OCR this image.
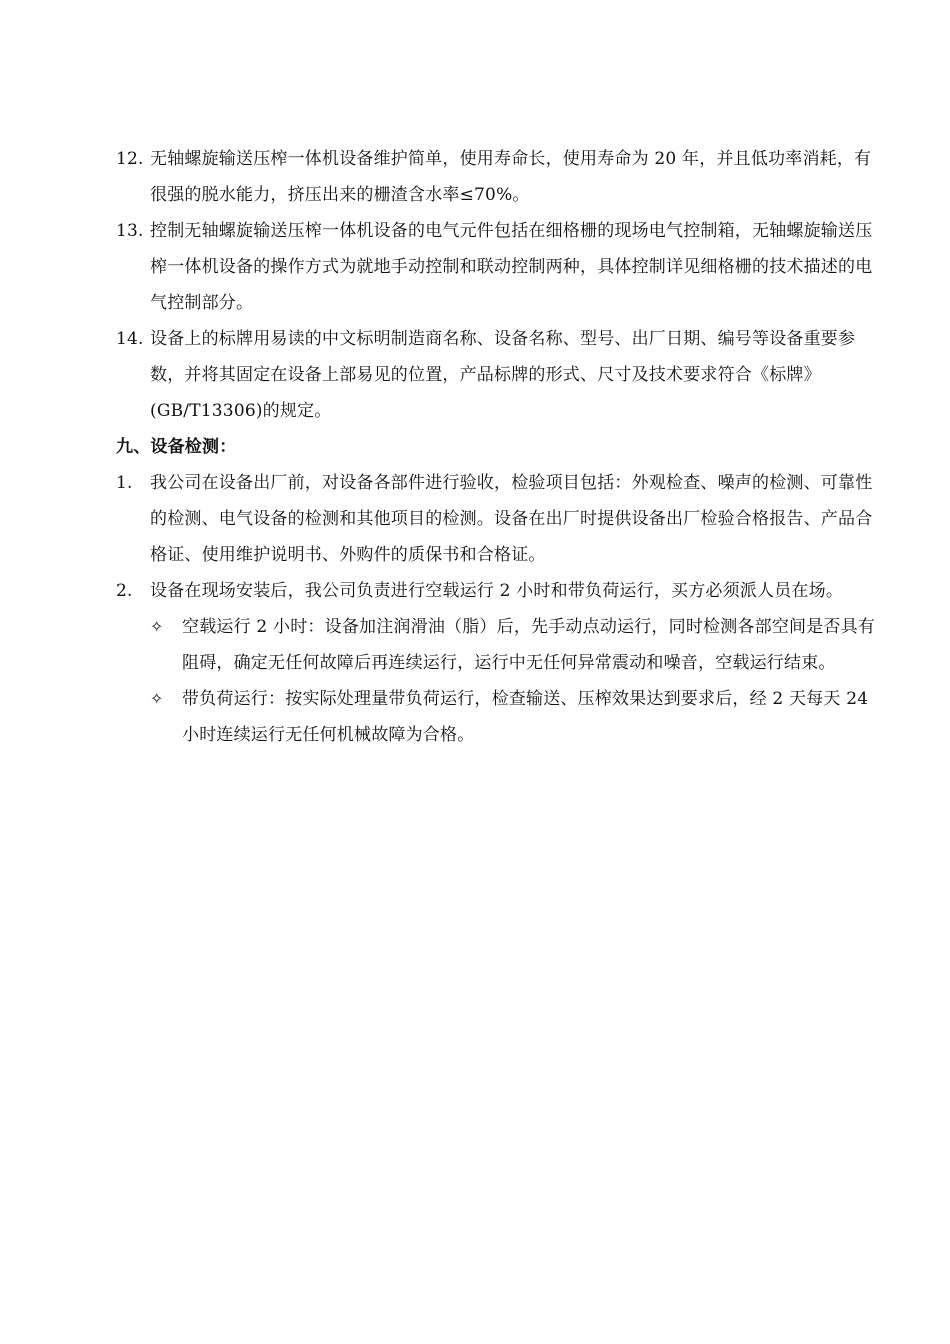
12. 无轴螺旋输送压榨一体机设备维护简单，使用寿命长，使用寿命为 20 年，并且低功率消耗，有很强的脱水能力，挤压出来的栅渣含水率≤70%。

13. 控制无轴螺旋输送压榨一体机设备的电气元件包括在细格栅的现场电气控制箱，无轴螺旋输送压榨一体机设备的操作方式为就地手动控制和联动控制两种，具体控制详见细格栅的技术描述的电气控制部分。

14. 设备上的标牌用易读的中文标明制造商名称、设备名称、型号、出厂日期、编号等设备重要参数，并将其固定在设备上部易见的位置，产品标牌的形式、尺寸及技术要求符合《标牌》(GB/T13306)的规定。

九、设备检测：

1.	我公司在设备出厂前，对设备各部件进行验收，检验项目包括：外观检查、噪声的检测、可靠性的检测、电气设备的检测和其他项目的检测。设备在出厂时提供设备出厂检验合格报告、产品合格证、使用维护说明书、外购件的质保书和合格证。

2.	设备在现场安装后，我公司负责进行空载运行 2 小时和带负荷运行，买方必须派人员在场。

✧	空载运行 2 小时：设备加注润滑油（脂）后，先手动点动运行，同时检测各部空间是否具有阻碍，确定无任何故障后再连续运行，运行中无任何异常震动和噪音，空载运行结束。

✧	带负荷运行：按实际处理量带负荷运行，检查输送、压榨效果达到要求后，经 2 天每天 24 小时连续运行无任何机械故障为合格。
